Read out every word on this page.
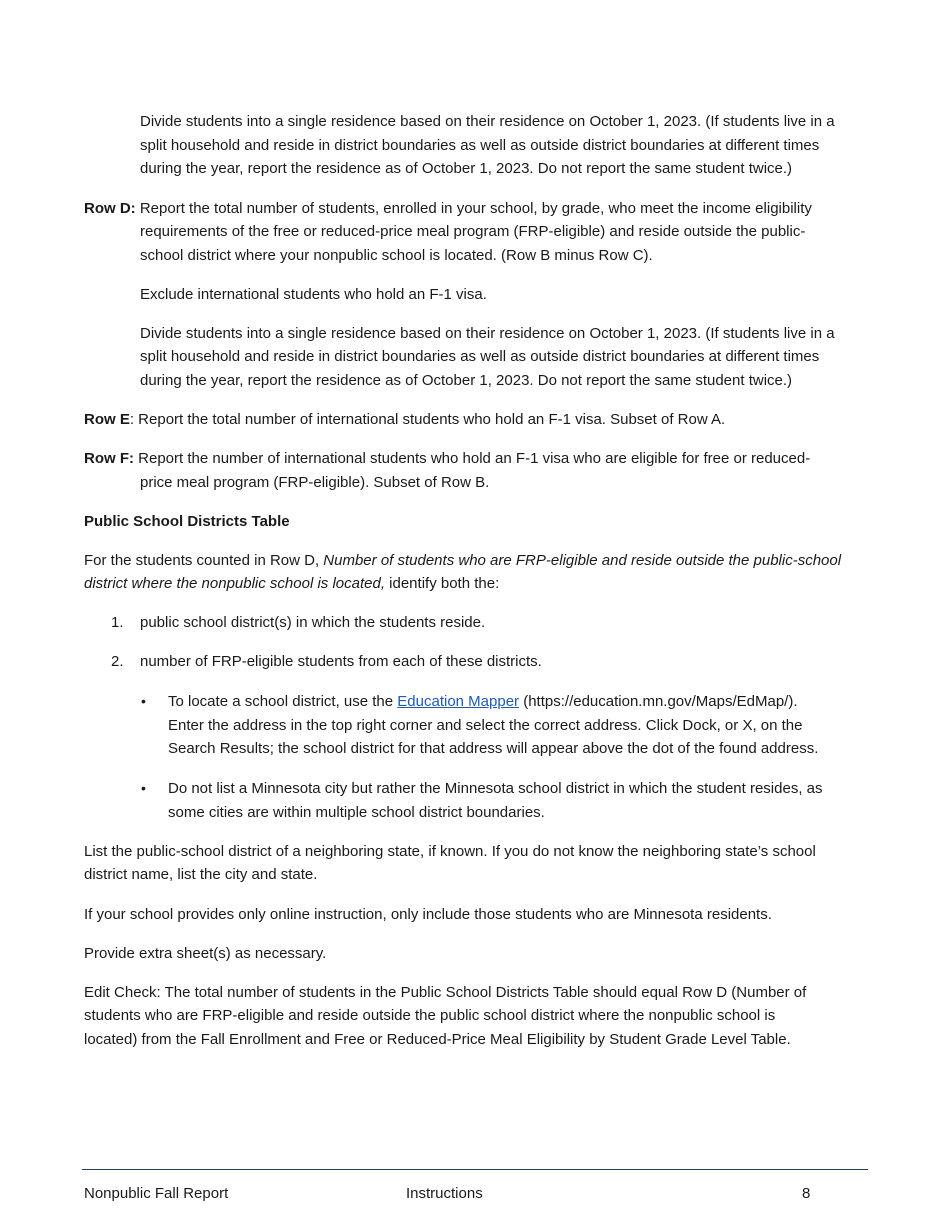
Divide students into a single residence based on their residence on October 1, 2023. (If students live in a

split household and reside in district boundaries as well as outside district boundaries at different times

during the year, report the residence as of October 1, 2023. Do not report the same student twice.)

Row D: Report the total number of students, enrolled in your school, by grade, who meet the income eligibility

requirements of the free or reduced-price meal program (FRP-eligible) and reside outside the public-

school district where your nonpublic school is located. (Row B minus Row C).

Exclude international students who hold an F-1 visa.

Divide students into a single residence based on their residence on October 1, 2023. (If students live in a

split household and reside in district boundaries as well as outside district boundaries at different times

during the year, report the residence as of October 1, 2023. Do not report the same student twice.)

Row E: Report the total number of international students who hold an F-1 visa. Subset of Row A.

Row F: Report the number of international students who hold an F-1 visa who are eligible for free or reduced-

price meal program (FRP-eligible). Subset of Row B.

Public School Districts Table

For the students counted in Row D, Number of students who are FRP-eligible and reside outside the public-school

district where the nonpublic school is located, identify both the:

1. public school district(s) in which the students reside.

2. number of FRP-eligible students from each of these districts.

• To locate a school district, use the Education Mapper (https://education.mn.gov/Maps/EdMap/).

Enter the address in the top right corner and select the correct address. Click Dock, or X, on the

Search Results; the school district for that address will appear above the dot of the found address.

• Do not list a Minnesota city but rather the Minnesota school district in which the student resides, as

some cities are within multiple school district boundaries.

List the public-school district of a neighboring state, if known. If you do not know the neighboring state’s school

district name, list the city and state.

If your school provides only online instruction, only include those students who are Minnesota residents.

Provide extra sheet(s) as necessary.

Edit Check: The total number of students in the Public School Districts Table should equal Row D (Number of

students who are FRP-eligible and reside outside the public school district where the nonpublic school is

located) from the Fall Enrollment and Free or Reduced-Price Meal Eligibility by Student Grade Level Table.

Nonpublic Fall Report	Instructions	8
